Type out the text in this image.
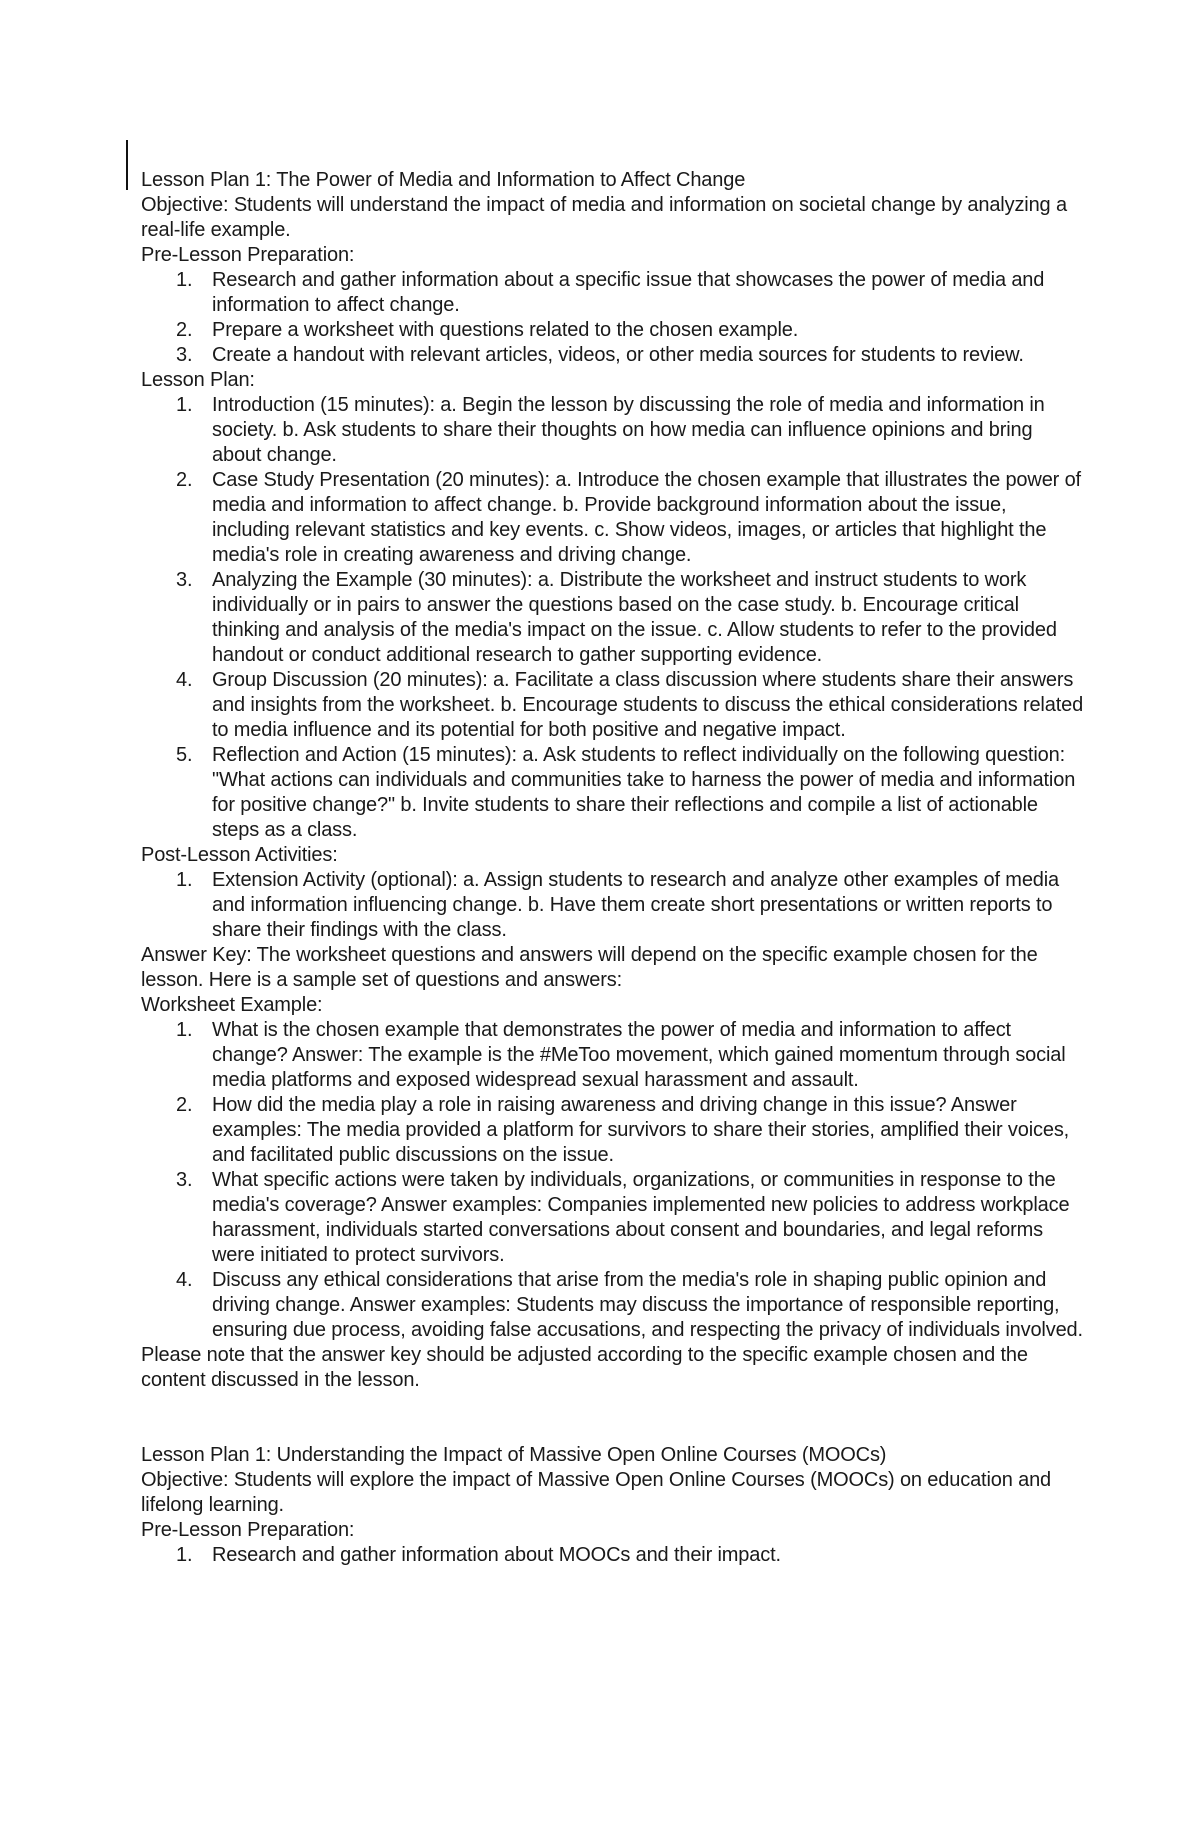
Lesson Plan 1: The Power of Media and Information to Affect Change

Objective: Students will understand the impact of media and information on societal change by analyzing a real-life example.

Pre-Lesson Preparation:

1. Research and gather information about a specific issue that showcases the power of media and information to affect change.
2. Prepare a worksheet with questions related to the chosen example.
3. Create a handout with relevant articles, videos, or other media sources for students to review.

Lesson Plan:

1. Introduction (15 minutes): a. Begin the lesson by discussing the role of media and information in society. b. Ask students to share their thoughts on how media can influence opinions and bring about change.
2. Case Study Presentation (20 minutes): a. Introduce the chosen example that illustrates the power of media and information to affect change. b. Provide background information about the issue, including relevant statistics and key events. c. Show videos, images, or articles that highlight the media's role in creating awareness and driving change.
3. Analyzing the Example (30 minutes): a. Distribute the worksheet and instruct students to work individually or in pairs to answer the questions based on the case study. b. Encourage critical thinking and analysis of the media's impact on the issue. c. Allow students to refer to the provided handout or conduct additional research to gather supporting evidence.
4. Group Discussion (20 minutes): a. Facilitate a class discussion where students share their answers and insights from the worksheet. b. Encourage students to discuss the ethical considerations related to media influence and its potential for both positive and negative impact.
5. Reflection and Action (15 minutes): a. Ask students to reflect individually on the following question: "What actions can individuals and communities take to harness the power of media and information for positive change?" b. Invite students to share their reflections and compile a list of actionable steps as a class.

Post-Lesson Activities:

1. Extension Activity (optional): a. Assign students to research and analyze other examples of media and information influencing change. b. Have them create short presentations or written reports to share their findings with the class.

Answer Key: The worksheet questions and answers will depend on the specific example chosen for the lesson. Here is a sample set of questions and answers:

Worksheet Example:

1. What is the chosen example that demonstrates the power of media and information to affect change? Answer: The example is the #MeToo movement, which gained momentum through social media platforms and exposed widespread sexual harassment and assault.
2. How did the media play a role in raising awareness and driving change in this issue? Answer examples: The media provided a platform for survivors to share their stories, amplified their voices, and facilitated public discussions on the issue.
3. What specific actions were taken by individuals, organizations, or communities in response to the media's coverage? Answer examples: Companies implemented new policies to address workplace harassment, individuals started conversations about consent and boundaries, and legal reforms were initiated to protect survivors.
4. Discuss any ethical considerations that arise from the media's role in shaping public opinion and driving change. Answer examples: Students may discuss the importance of responsible reporting, ensuring due process, avoiding false accusations, and respecting the privacy of individuals involved.

Please note that the answer key should be adjusted according to the specific example chosen and the content discussed in the lesson.

Lesson Plan 1: Understanding the Impact of Massive Open Online Courses (MOOCs)

Objective: Students will explore the impact of Massive Open Online Courses (MOOCs) on education and lifelong learning.

Pre-Lesson Preparation:

1. Research and gather information about MOOCs and their impact.
